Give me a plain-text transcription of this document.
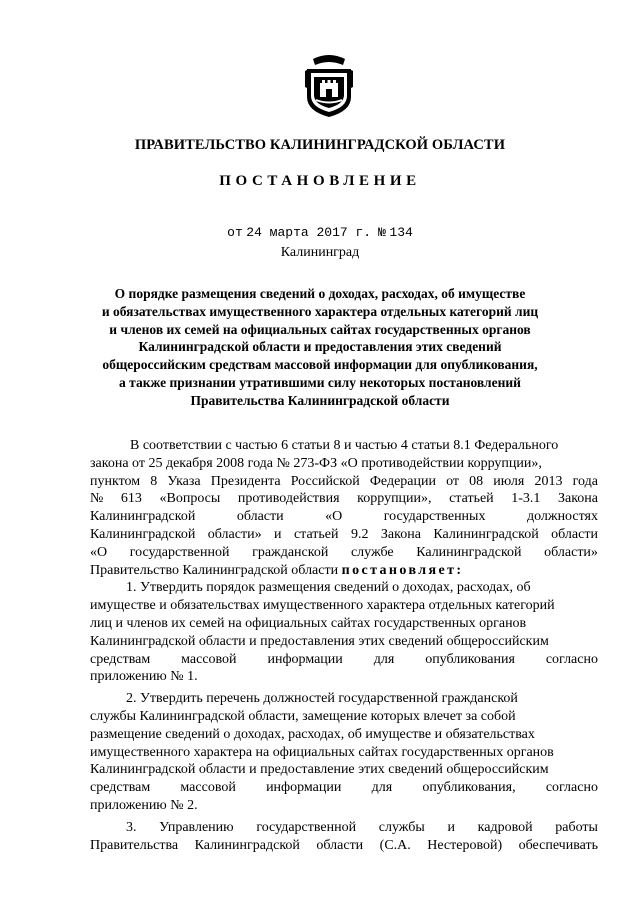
ПРАВИТЕЛЬСТВО КАЛИНИНГРАДСКОЙ ОБЛАСТИ
ПОСТАНОВЛЕНИЕ
от 24 марта 2017 г. № 134
Калининград
О порядке размещения сведений о доходах, расходах, об имуществе
и обязательствах имущественного характера отдельных категорий лиц
и членов их семей на официальных сайтах государственных органов
Калининградской области и предоставления этих сведений
общероссийским средствам массовой информации для опубликования,
а также признании утратившими силу некоторых постановлений
Правительства Калининградской области
В соответствии с частью 6 статьи 8 и частью 4 статьи 8.1 Федерального
закона от 25 декабря 2008 года № 273-ФЗ «О противодействии коррупции»,
пунктом 8 Указа Президента Российской Федерации от 08 июля 2013 года
№ 613 «Вопросы противодействия коррупции», статьей 1-3.1 Закона
Калининградской	области	«О	государственных	должностях
Калининградской области» и статьей 9.2 Закона Калининградской области
«О государственной гражданской службе Калининградской области»
Правительство Калининградской области постановляет:
1. Утвердить порядок размещения сведений о доходах, расходах, об
имуществе и обязательствах имущественного характера отдельных категорий
лиц и членов их семей на официальных сайтах государственных органов
Калининградской области и предоставления этих сведений общероссийским
средствам массовой информации для опубликования согласно
приложению № 1.
2. Утвердить перечень должностей государственной гражданской
службы Калининградской области, замещение которых влечет за собой
размещение сведений о доходах, расходах, об имуществе и обязательствах
имущественного характера на официальных сайтах государственных органов
Калининградской области и предоставление этих сведений общероссийским
средствам массовой информации для опубликования, согласно
приложению № 2.
3. Управлению государственной службы и кадровой работы
Правительства Калининградской области (С.А. Нестеровой) обеспечивать
